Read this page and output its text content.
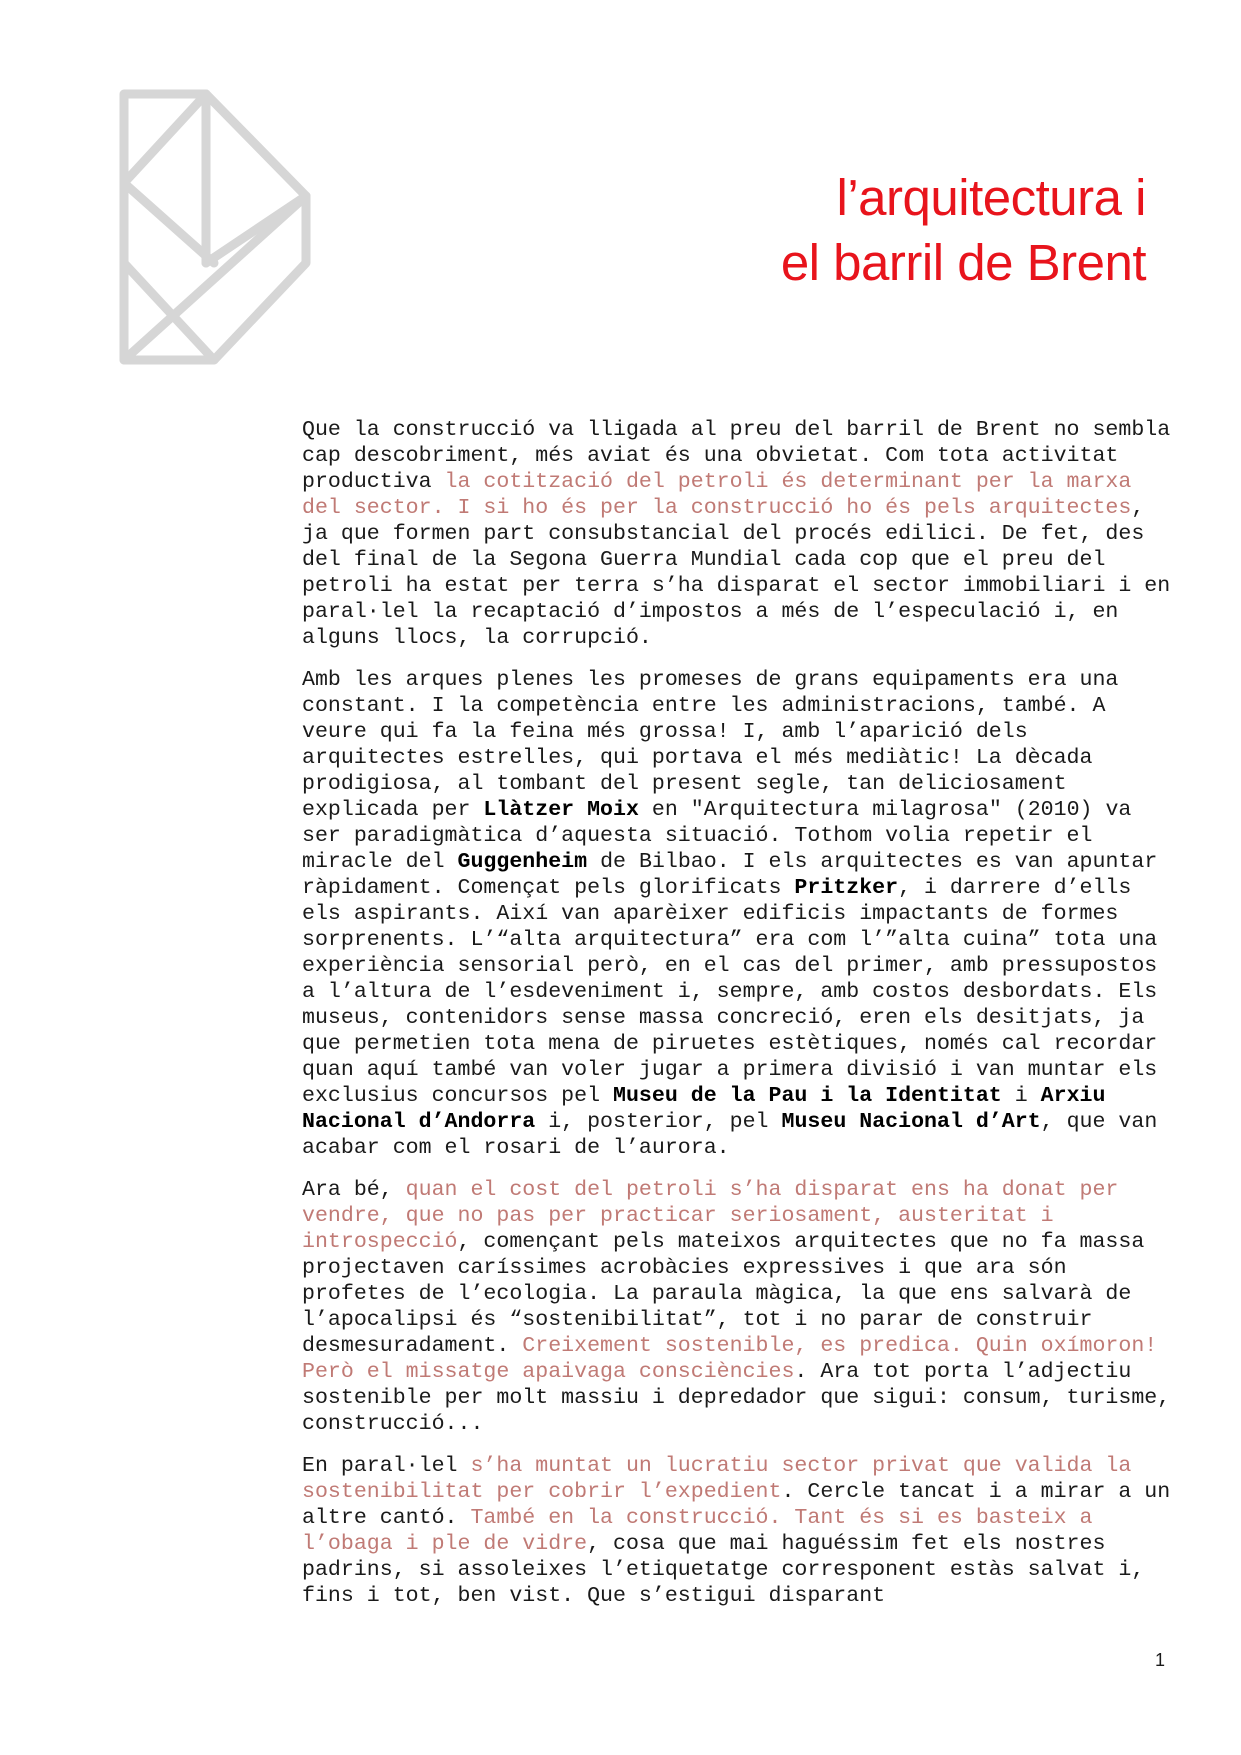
l’arquitectura i
el barril de Brent

Que la construcció va lligada al preu del barril de Brent no sembla cap descobriment, més aviat és una obvietat. Com tota activitat productiva la cotització del petroli és determinant per la marxa del sector. I si ho és per la construcció ho és pels arquitectes, ja que formen part consubstancial del procés edilici. De fet, des del final de la Segona Guerra Mundial cada cop que el preu del petroli ha estat per terra s’ha disparat el sector immobiliari i en paral·lel la recaptació d’impostos a més de l’especulació i, en alguns llocs, la corrupció.

Amb les arques plenes les promeses de grans equipaments era una constant. I la competència entre les administracions, també. A veure qui fa la feina més grossa! I, amb l’aparició dels arquitectes estrelles, qui portava el més mediàtic! La dècada prodigiosa, al tombant del present segle, tan deliciosament explicada per Llàtzer Moix en "Arquitectura milagrosa" (2010) va ser paradigmàtica d’aquesta situació. Tothom volia repetir el miracle del Guggenheim de Bilbao. I els arquitectes es van apuntar ràpidament. Començat pels glorificats Pritzker, i darrere d’ells els aspirants. Així van aparèixer edificis impactants de formes sorprenents. L’“alta arquitectura” era com l’”alta cuina” tota una experiència sensorial però, en el cas del primer, amb pressupostos a l’altura de l’esdeveniment i, sempre, amb costos desbordats. Els museus, contenidors sense massa concreció, eren els desitjats, ja que permetien tota mena de piruetes estètiques, només cal recordar quan aquí també van voler jugar a primera divisió i van muntar els exclusius concursos pel Museu de la Pau i la Identitat i Arxiu Nacional d’Andorra i, posterior, pel Museu Nacional d’Art, que van acabar com el rosari de l’aurora.

Ara bé, quan el cost del petroli s’ha disparat ens ha donat per vendre, que no pas per practicar seriosament, austeritat i introspecció, començant pels mateixos arquitectes que no fa massa projectaven caríssimes acrobàcies expressives i que ara són profetes de l’ecologia. La paraula màgica, la que ens salvarà de l’apocalipsi és “sostenibilitat”, tot i no parar de construir desmesuradament. Creixement sostenible, es predica. Quin oxímoron! Però el missatge apaivaga consciències. Ara tot porta l’adjectiu sostenible per molt massiu i depredador que sigui: consum, turisme, construcció...

En paral·lel s’ha muntat un lucratiu sector privat que valida la sostenibilitat per cobrir l’expedient. Cercle tancat i a mirar a un altre cantó. També en la construcció. Tant és si es basteix a l’obaga i ple de vidre, cosa que mai haguéssim fet els nostres padrins, si assoleixes l’etiquetatge corresponent estàs salvat i, fins i tot, ben vist. Que s’estigui disparant

1
